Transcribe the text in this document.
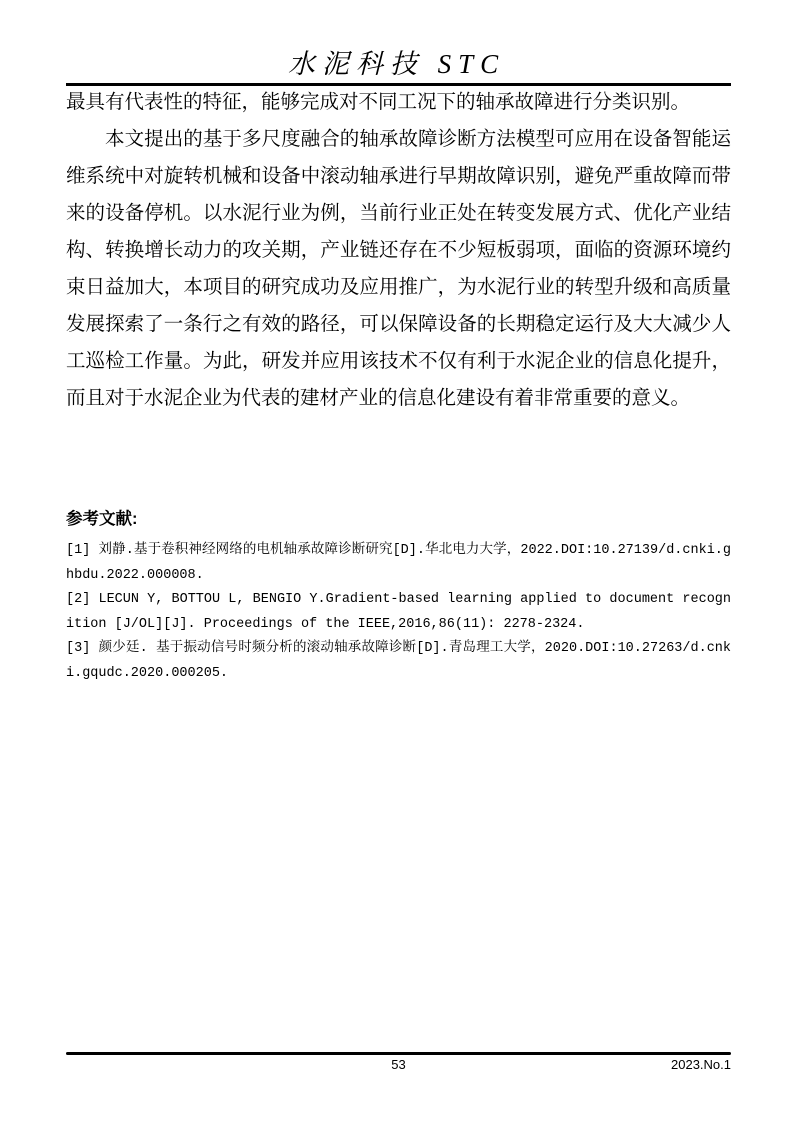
水泥科技 STC

最具有代表性的特征，能够完成对不同工况下的轴承故障进行分类识别。

本文提出的基于多尺度融合的轴承故障诊断方法模型可应用在设备智能运维系统中对旋转机械和设备中滚动轴承进行早期故障识别，避免严重故障而带来的设备停机。以水泥行业为例，当前行业正处在转变发展方式、优化产业结构、转换增长动力的攻关期，产业链还存在不少短板弱项，面临的资源环境约束日益加大，本项目的研究成功及应用推广，为水泥行业的转型升级和高质量发展探索了一条行之有效的路径，可以保障设备的长期稳定运行及大大减少人工巡检工作量。为此，研发并应用该技术不仅有利于水泥企业的信息化提升，而且对于水泥企业为代表的建材产业的信息化建设有着非常重要的意义。

参考文献:

[1] 刘静.基于卷积神经网络的电机轴承故障诊断研究[D].华北电力大学，2022.DOI:10.27139/d.cnki.ghbdu.2022.000008.

[2] LECUN Y, BOTTOU L, BENGIO Y.Gradient-based learning applied to document recognition [J/OL][J]. Proceedings of the IEEE,2016,86(11): 2278-2324.

[3] 颜少廷. 基于振动信号时频分析的滚动轴承故障诊断[D].青岛理工大学，2020.DOI:10.27263/d.cnki.gqudc.2020.000205.

53	2023.No.1
